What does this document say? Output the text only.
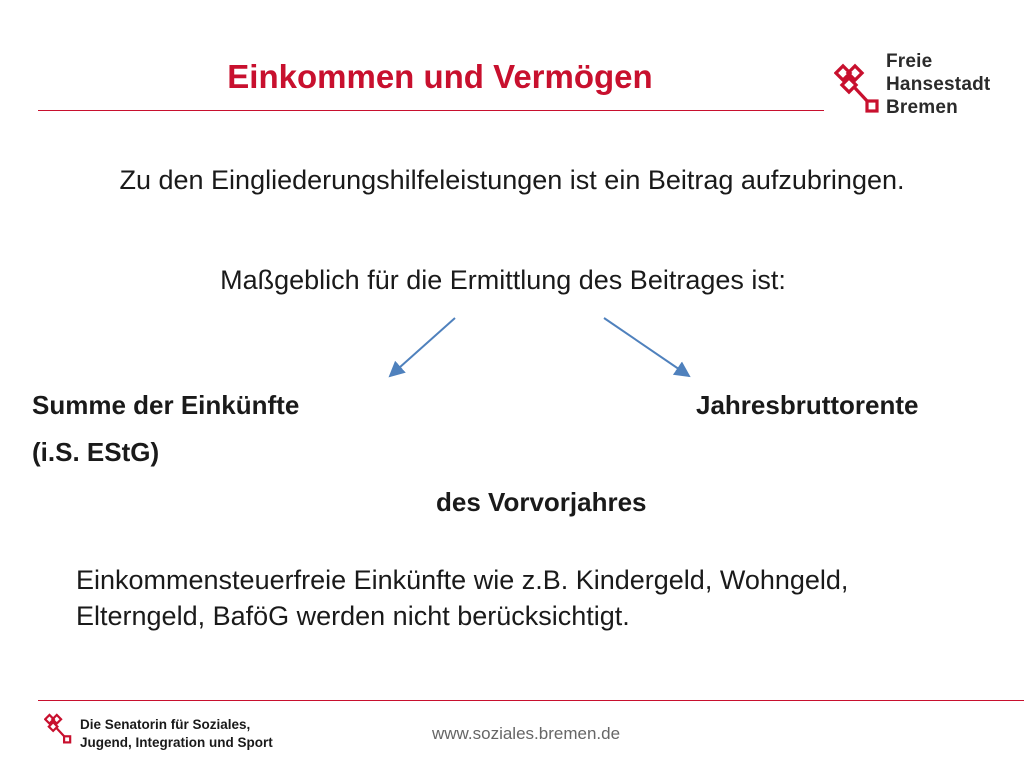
Einkommen und Vermögen	Freie
Hansestadt
Bremen
Zu den Eingliederungshilfeleistungen ist ein Beitrag aufzubringen.
Maßgeblich für die Ermittlung des Beitrages ist:
Summe der Einkünfte
(i.S. EStG)
Jahresbruttorente
des Vorvorjahres
Einkommensteuerfreie Einkünfte wie z.B. Kindergeld, Wohngeld, Elterngeld, BaföG werden nicht berücksichtigt.
Die Senatorin für Soziales,
Jugend, Integration und Sport	www.soziales.bremen.de
